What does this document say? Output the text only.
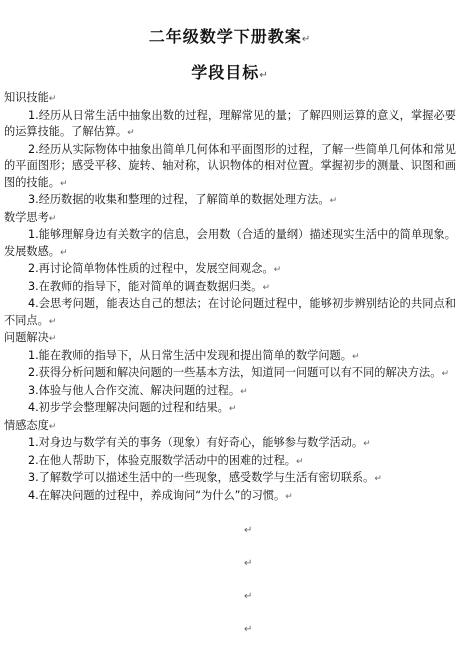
二年级数学下册教案↵
学段目标↵

知识技能↵

1.经历从日常生活中抽象出数的过程，理解常见的量；了解四则运算的意义，掌握必要的运算技能。了解估算。↵

2.经历从实际物体中抽象出简单几何体和平面图形的过程，了解一些简单几何体和常见的平面图形；感受平移、旋转、轴对称，认识物体的相对位置。掌握初步的测量、识图和画图的技能。↵

3.经历数据的收集和整理的过程，了解简单的数据处理方法。↵

数学思考↵

1.能够理解身边有关数字的信息，会用数（合适的量纲）描述现实生活中的简单现象。发展数感。↵

2.再讨论简单物体性质的过程中，发展空间观念。↵

3.在教师的指导下，能对简单的调查数据归类。↵

4.会思考问题，能表达自己的想法；在讨论问题过程中，能够初步辨别结论的共同点和不同点。↵

问题解决↵

1.能在教师的指导下，从日常生活中发现和提出简单的数学问题。↵

2.获得分析问题和解决问题的一些基本方法，知道同一问题可以有不同的解决方法。↵

3.体验与他人合作交流、解决问题的过程。↵

4.初步学会整理解决问题的过程和结果。↵

情感态度↵

1.对身边与数学有关的事务（现象）有好奇心，能够参与数学活动。↵

2.在他人帮助下，体验克服数学活动中的困难的过程。↵

3.了解数学可以描述生活中的一些现象，感受数学与生活有密切联系。↵

4.在解决问题的过程中，养成询问“为什么”的习惯。↵

↵
↵
↵
↵
